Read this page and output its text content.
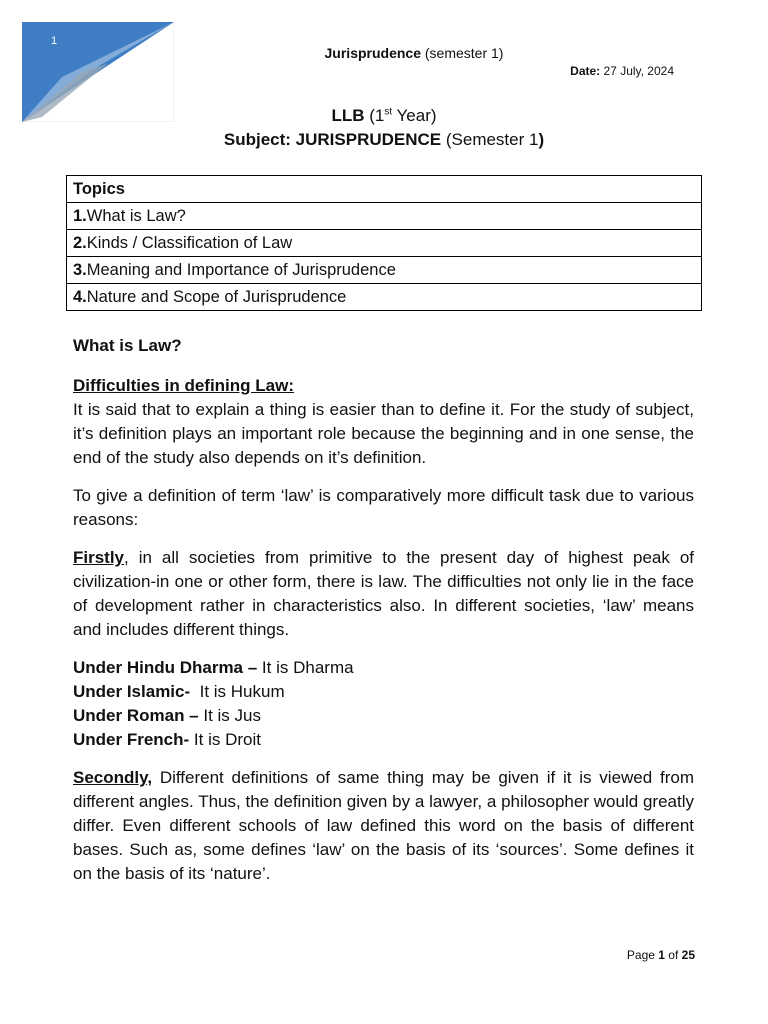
1
Jurisprudence (semester 1)
Date: 27 July, 2024
LLB (1st Year)
Subject: JURISPRUDENCE (Semester 1)
Topics
1.What is Law?
2.Kinds / Classification of Law
3.Meaning and Importance of Jurisprudence
4.Nature and Scope of Jurisprudence
What is Law?
Difficulties in defining Law:
It is said that to explain a thing is easier than to define it. For the study of subject, it’s definition plays an important role because the beginning and in one sense, the end of the study also depends on it’s definition.
To give a definition of term ‘law’ is comparatively more difficult task due to various reasons:
Firstly, in all societies from primitive to the present day of highest peak of civilization-in one or other form, there is law. The difficulties not only lie in the face of development rather in characteristics also. In different societies, ‘law’ means and includes different things.
Under Hindu Dharma – It is Dharma
Under Islamic-  It is Hukum
Under Roman – It is Jus
Under French- It is Droit
Secondly, Different definitions of same thing may be given if it is viewed from different angles. Thus, the definition given by a lawyer, a philosopher would greatly differ. Even different schools of law defined this word on the basis of different bases. Such as, some defines ‘law’ on the basis of its ‘sources’. Some defines it on the basis of its ‘nature’.
Page 1 of 25
